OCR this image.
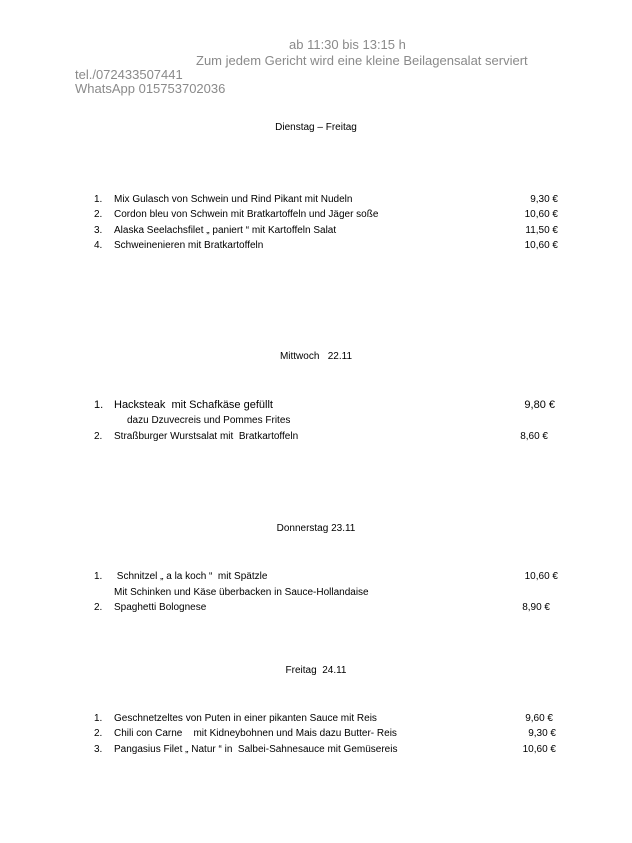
ab 11:30 bis 13:15 h
Zum jedem Gericht wird eine kleine Beilagensalat serviert
tel./072433507441
WhatsApp 015753702036
Dienstag – Freitag
1. Mix Gulasch von Schwein und Rind Pikant mit Nudeln	9,30 €
2. Cordon bleu von Schwein mit Bratkartoffeln und Jäger soße	10,60 €
3. Alaska Seelachsfilet „ paniert “ mit Kartoffeln Salat	11,50 €
4. Schweinenieren mit Bratkartoffeln	10,60 €
Mittwoch   22.11
1. Hacksteak  mit Schafkäse gefüllt	9,80 €
dazu Dzuvecreis und Pommes Frites
2. Straßburger Wurstsalat mit  Bratkartoffeln	8,60 €
Donnerstag 23.11
1. Schnitzel „ a la koch “  mit Spätzle	10,60 €
Mit Schinken und Käse überbacken in Sauce-Hollandaise
2. Spaghetti Bolognese	8,90 €
Freitag  24.11
1. Geschnetzeltes von Puten in einer pikanten Sauce mit Reis	9,60 €
2. Chili con Carne    mit Kidneybohnen und Mais dazu Butter- Reis	9,30 €
3. Pangasius Filet „ Natur “ in  Salbei-Sahnesauce mit Gemüsereis	10,60 €
